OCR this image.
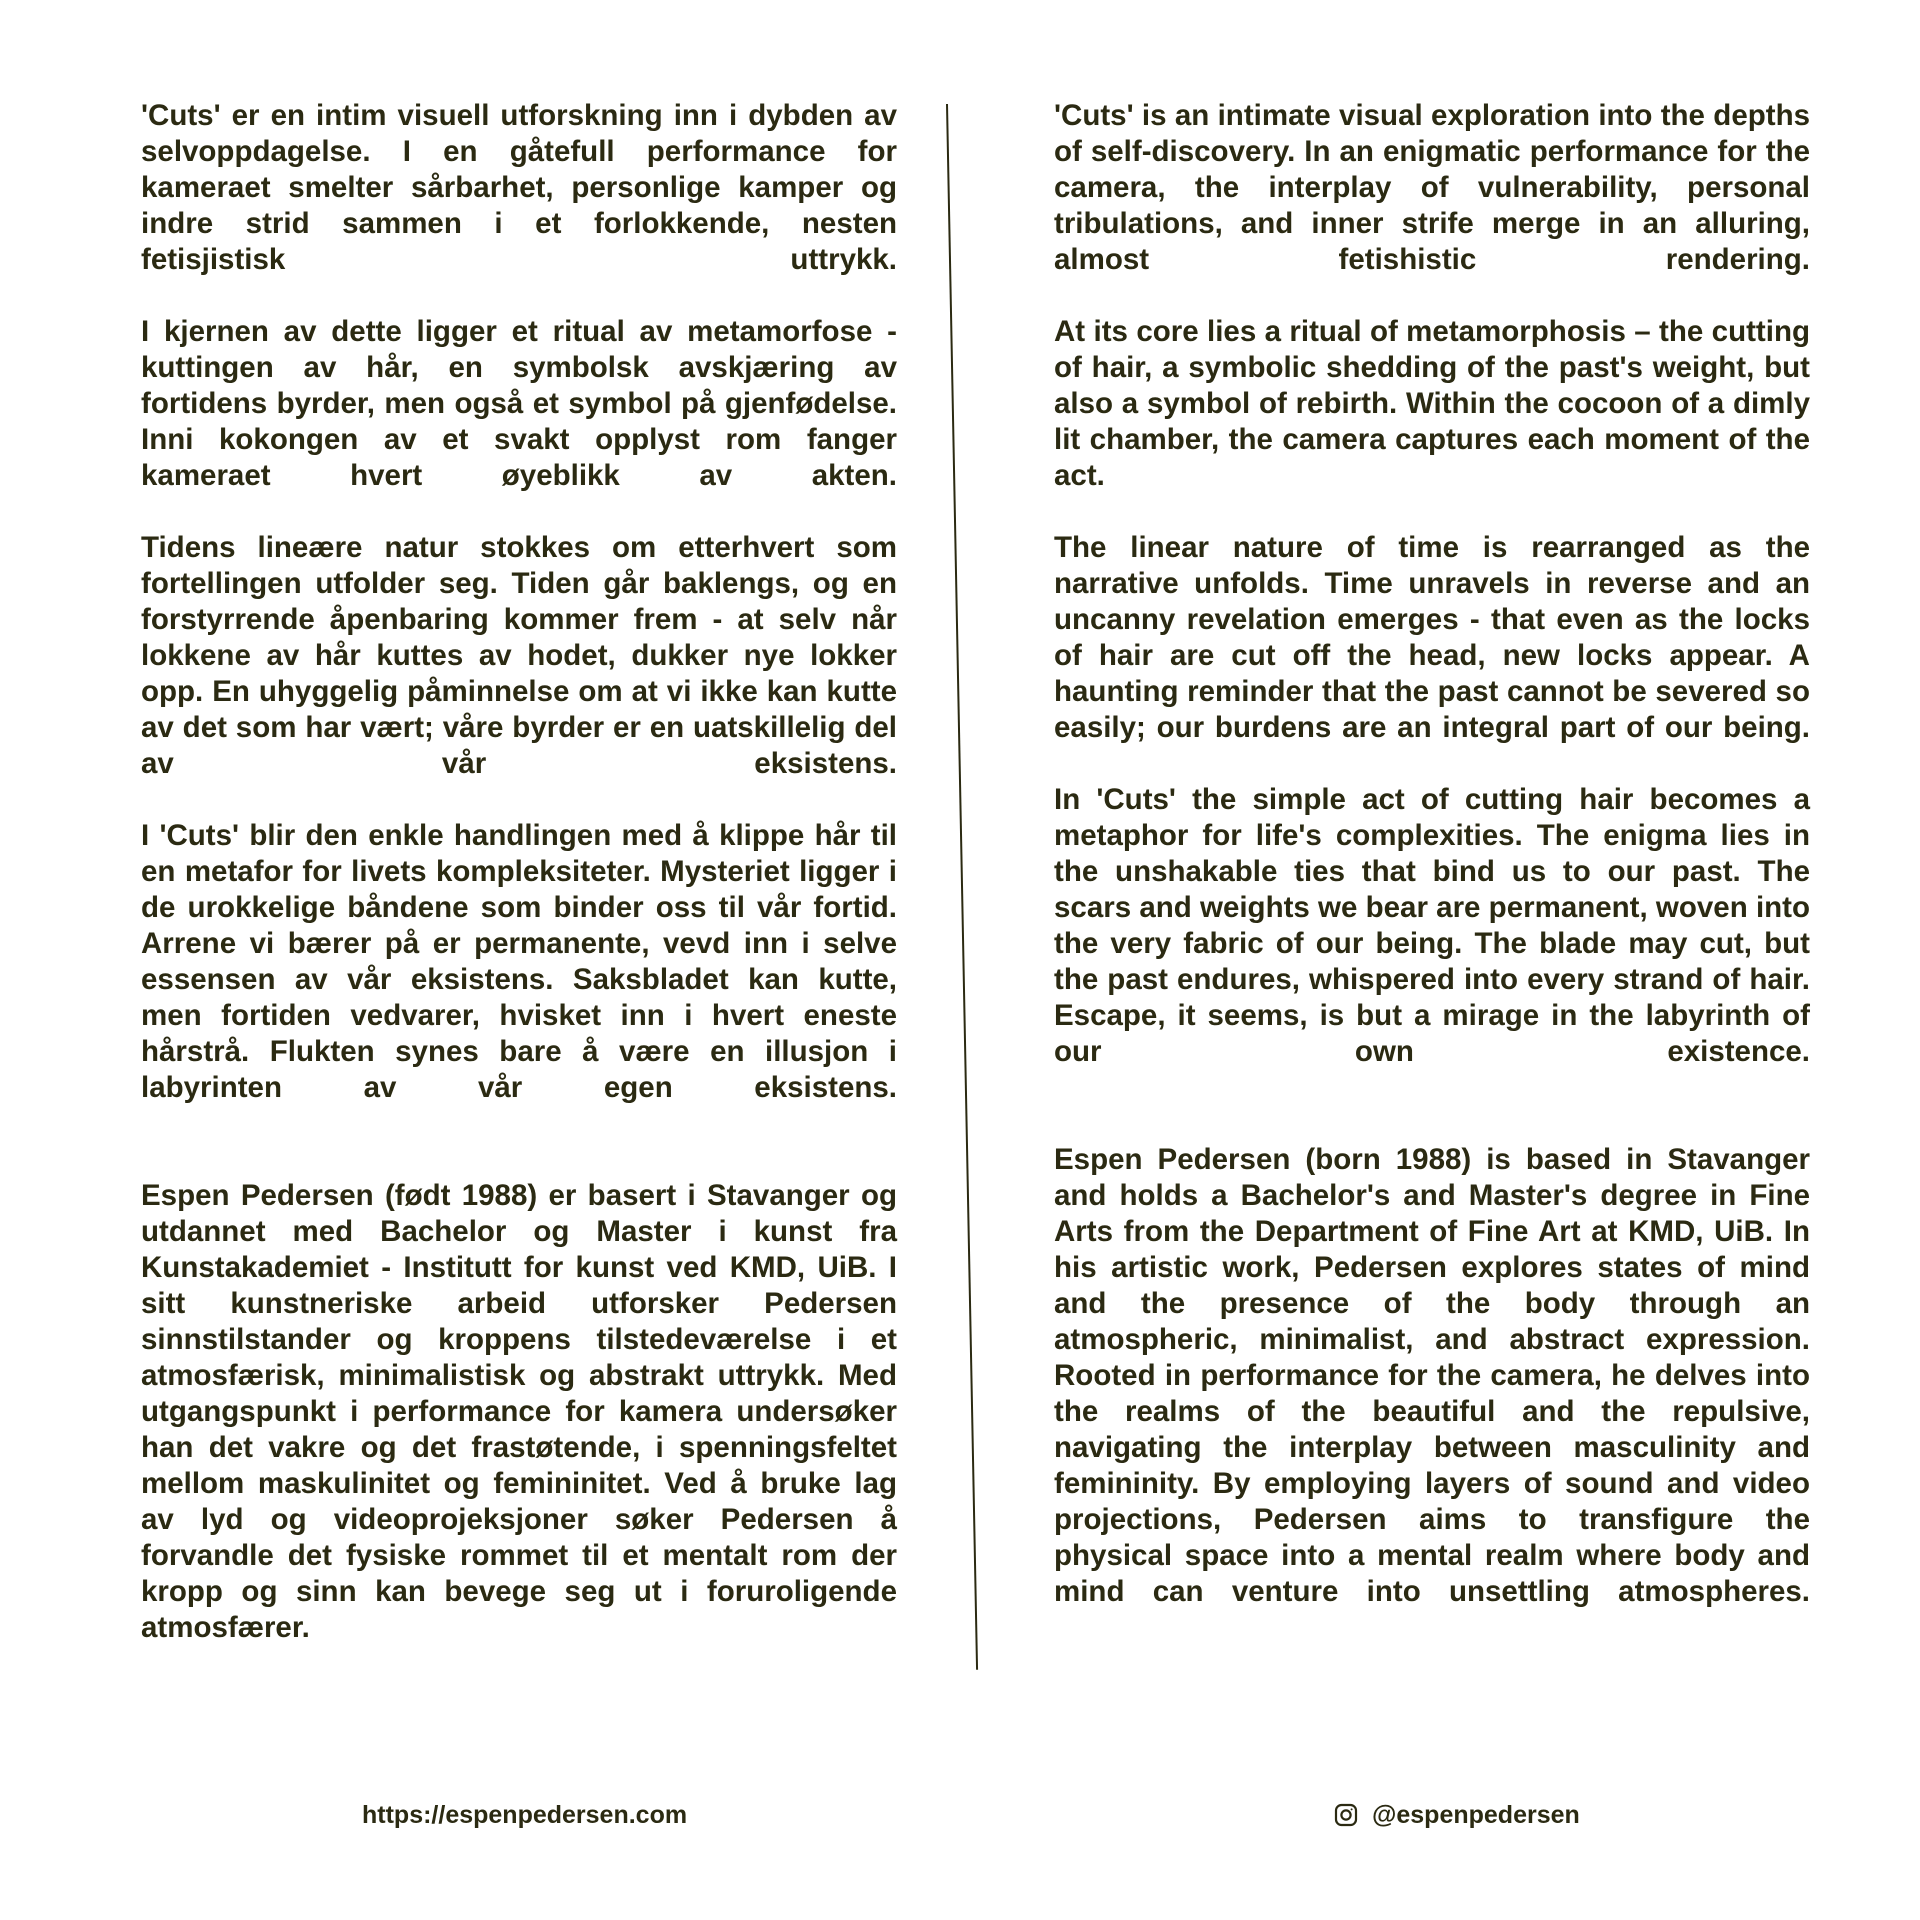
'Cuts' er en intim visuell utforskning inn i dybden av selvoppdagelse. I en gåtefull performance for kameraet smelter sårbarhet, personlige kamper og indre strid sammen i et forlokkende, nesten fetisjistisk uttrykk.

I kjernen av dette ligger et ritual av metamorfose - kuttingen av hår, en symbolsk avskjæring av fortidens byrder, men også et symbol på gjenfødelse. Inni kokongen av et svakt opplyst rom fanger kameraet hvert øyeblikk av akten.

Tidens lineære natur stokkes om etterhvert som fortellingen utfolder seg. Tiden går baklengs, og en forstyrrende åpenbaring kommer frem - at selv når lokkene av hår kuttes av hodet, dukker nye lokker opp. En uhyggelig påminnelse om at vi ikke kan kutte av det som har vært; våre byrder er en uatskillelig del av vår eksistens.

I 'Cuts' blir den enkle handlingen med å klippe hår til en metafor for livets kompleksiteter. Mysteriet ligger i de urokkelige båndene som binder oss til vår fortid. Arrene vi bærer på er permanente, vevd inn i selve essensen av vår eksistens. Saksbladet kan kutte, men fortiden vedvarer, hvisket inn i hvert eneste hårstrå. Flukten synes bare å være en illusjon i labyrinten av vår egen eksistens.

Espen Pedersen (født 1988) er basert i Stavanger og utdannet med Bachelor og Master i kunst fra Kunstakademiet - Institutt for kunst ved KMD, UiB. I sitt kunstneriske arbeid utforsker Pedersen sinnstilstander og kroppens tilstedeværelse i et atmosfærisk, minimalistisk og abstrakt uttrykk. Med utgangspunkt i performance for kamera undersøker han det vakre og det frastøtende, i spenningsfeltet mellom maskulinitet og femininitet. Ved å bruke lag av lyd og videoprojeksjoner søker Pedersen å forvandle det fysiske rommet til et mentalt rom der kropp og sinn kan bevege seg ut i foruroligende atmosfærer.

'Cuts' is an intimate visual exploration into the depths of self-discovery. In an enigmatic performance for the camera, the interplay of vulnerability, personal tribulations, and inner strife merge in an alluring, almost fetishistic rendering.

At its core lies a ritual of metamorphosis – the cutting of hair, a symbolic shedding of the past's weight, but also a symbol of rebirth. Within the cocoon of a dimly lit chamber, the camera captures each moment of the act.

The linear nature of time is rearranged as the narrative unfolds. Time unravels in reverse and an uncanny revelation emerges - that even as the locks of hair are cut off the head, new locks appear. A haunting reminder that the past cannot be severed so easily; our burdens are an integral part of our being.

In 'Cuts' the simple act of cutting hair becomes a metaphor for life's complexities. The enigma lies in the unshakable ties that bind us to our past. The scars and weights we bear are permanent, woven into the very fabric of our being. The blade may cut, but the past endures, whispered into every strand of hair. Escape, it seems, is but a mirage in the labyrinth of our own existence.

Espen Pedersen (born 1988) is based in Stavanger and holds a Bachelor's and Master's degree in Fine Arts from the Department of Fine Art at KMD, UiB. In his artistic work, Pedersen explores states of mind and the presence of the body through an atmospheric, minimalist, and abstract expression. Rooted in performance for the camera, he delves into the realms of the beautiful and the repulsive, navigating the interplay between masculinity and femininity. By employing layers of sound and video projections, Pedersen aims to transfigure the physical space into a mental realm where body and mind can venture into unsettling atmospheres.

https://espenpedersen.com	@espenpedersen
